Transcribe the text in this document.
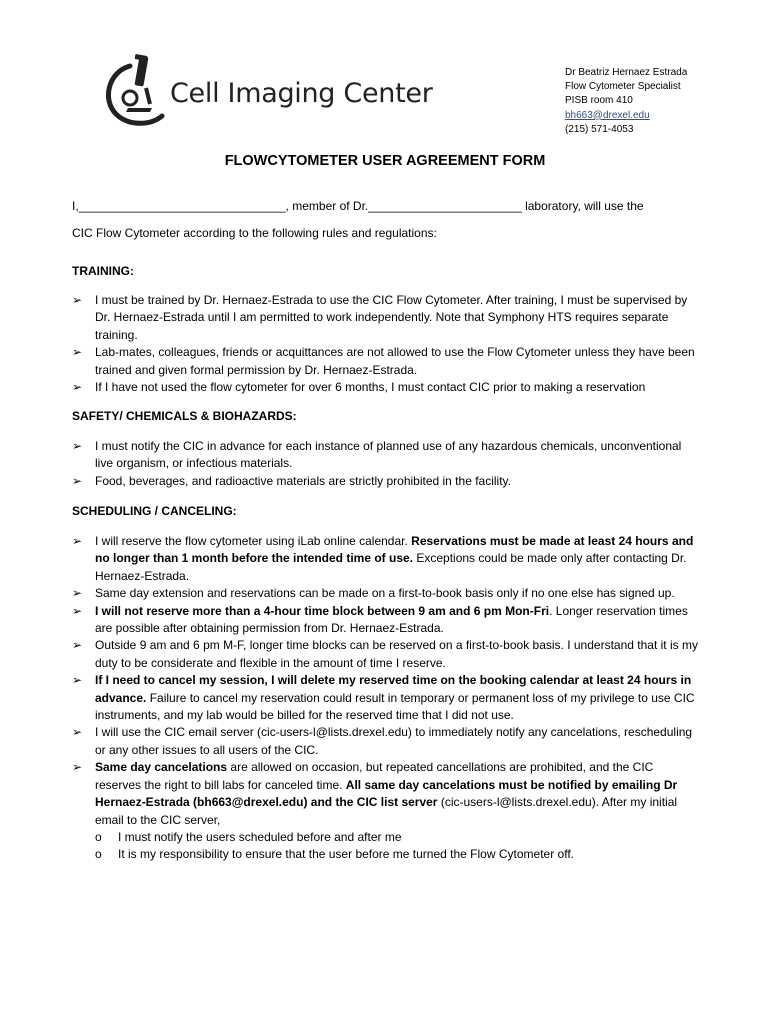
Cell Imaging Center
Dr Beatriz Hernaez Estrada
Flow Cytometer Specialist
PISB room 410
bh663@drexel.edu
(215) 571-4053
FLOWCYTOMETER USER AGREEMENT FORM
I,_______________________________, member of Dr._______________________ laboratory, will use the
CIC Flow Cytometer according to the following rules and regulations:
TRAINING:
➢ I must be trained by Dr. Hernaez-Estrada to use the CIC Flow Cytometer. After training, I must be supervised by Dr. Hernaez-Estrada until I am permitted to work independently. Note that Symphony HTS requires separate training.
➢ Lab-mates, colleagues, friends or acquittances are not allowed to use the Flow Cytometer unless they have been trained and given formal permission by Dr. Hernaez-Estrada.
➢ If I have not used the flow cytometer for over 6 months, I must contact CIC prior to making a reservation
SAFETY/ CHEMICALS & BIOHAZARDS:
➢ I must notify the CIC in advance for each instance of planned use of any hazardous chemicals, unconventional live organism, or infectious materials.
➢ Food, beverages, and radioactive materials are strictly prohibited in the facility.
SCHEDULING / CANCELING:
➢ I will reserve the flow cytometer using iLab online calendar. Reservations must be made at least 24 hours and no longer than 1 month before the intended time of use. Exceptions could be made only after contacting Dr. Hernaez-Estrada.
➢ Same day extension and reservations can be made on a first-to-book basis only if no one else has signed up.
➢ I will not reserve more than a 4-hour time block between 9 am and 6 pm Mon-Fri. Longer reservation times are possible after obtaining permission from Dr. Hernaez-Estrada.
➢ Outside 9 am and 6 pm M-F, longer time blocks can be reserved on a first-to-book basis. I understand that it is my duty to be considerate and flexible in the amount of time I reserve.
➢ If I need to cancel my session, I will delete my reserved time on the booking calendar at least 24 hours in advance. Failure to cancel my reservation could result in temporary or permanent loss of my privilege to use CIC instruments, and my lab would be billed for the reserved time that I did not use.
➢ I will use the CIC email server (cic-users-l@lists.drexel.edu) to immediately notify any cancelations, rescheduling or any other issues to all users of the CIC.
➢ Same day cancelations are allowed on occasion, but repeated cancellations are prohibited, and the CIC reserves the right to bill labs for canceled time. All same day cancelations must be notified by emailing Dr Hernaez-Estrada (bh663@drexel.edu) and the CIC list server (cic-users-l@lists.drexel.edu). After my initial email to the CIC server,
o I must notify the users scheduled before and after me
o It is my responsibility to ensure that the user before me turned the Flow Cytometer off.
